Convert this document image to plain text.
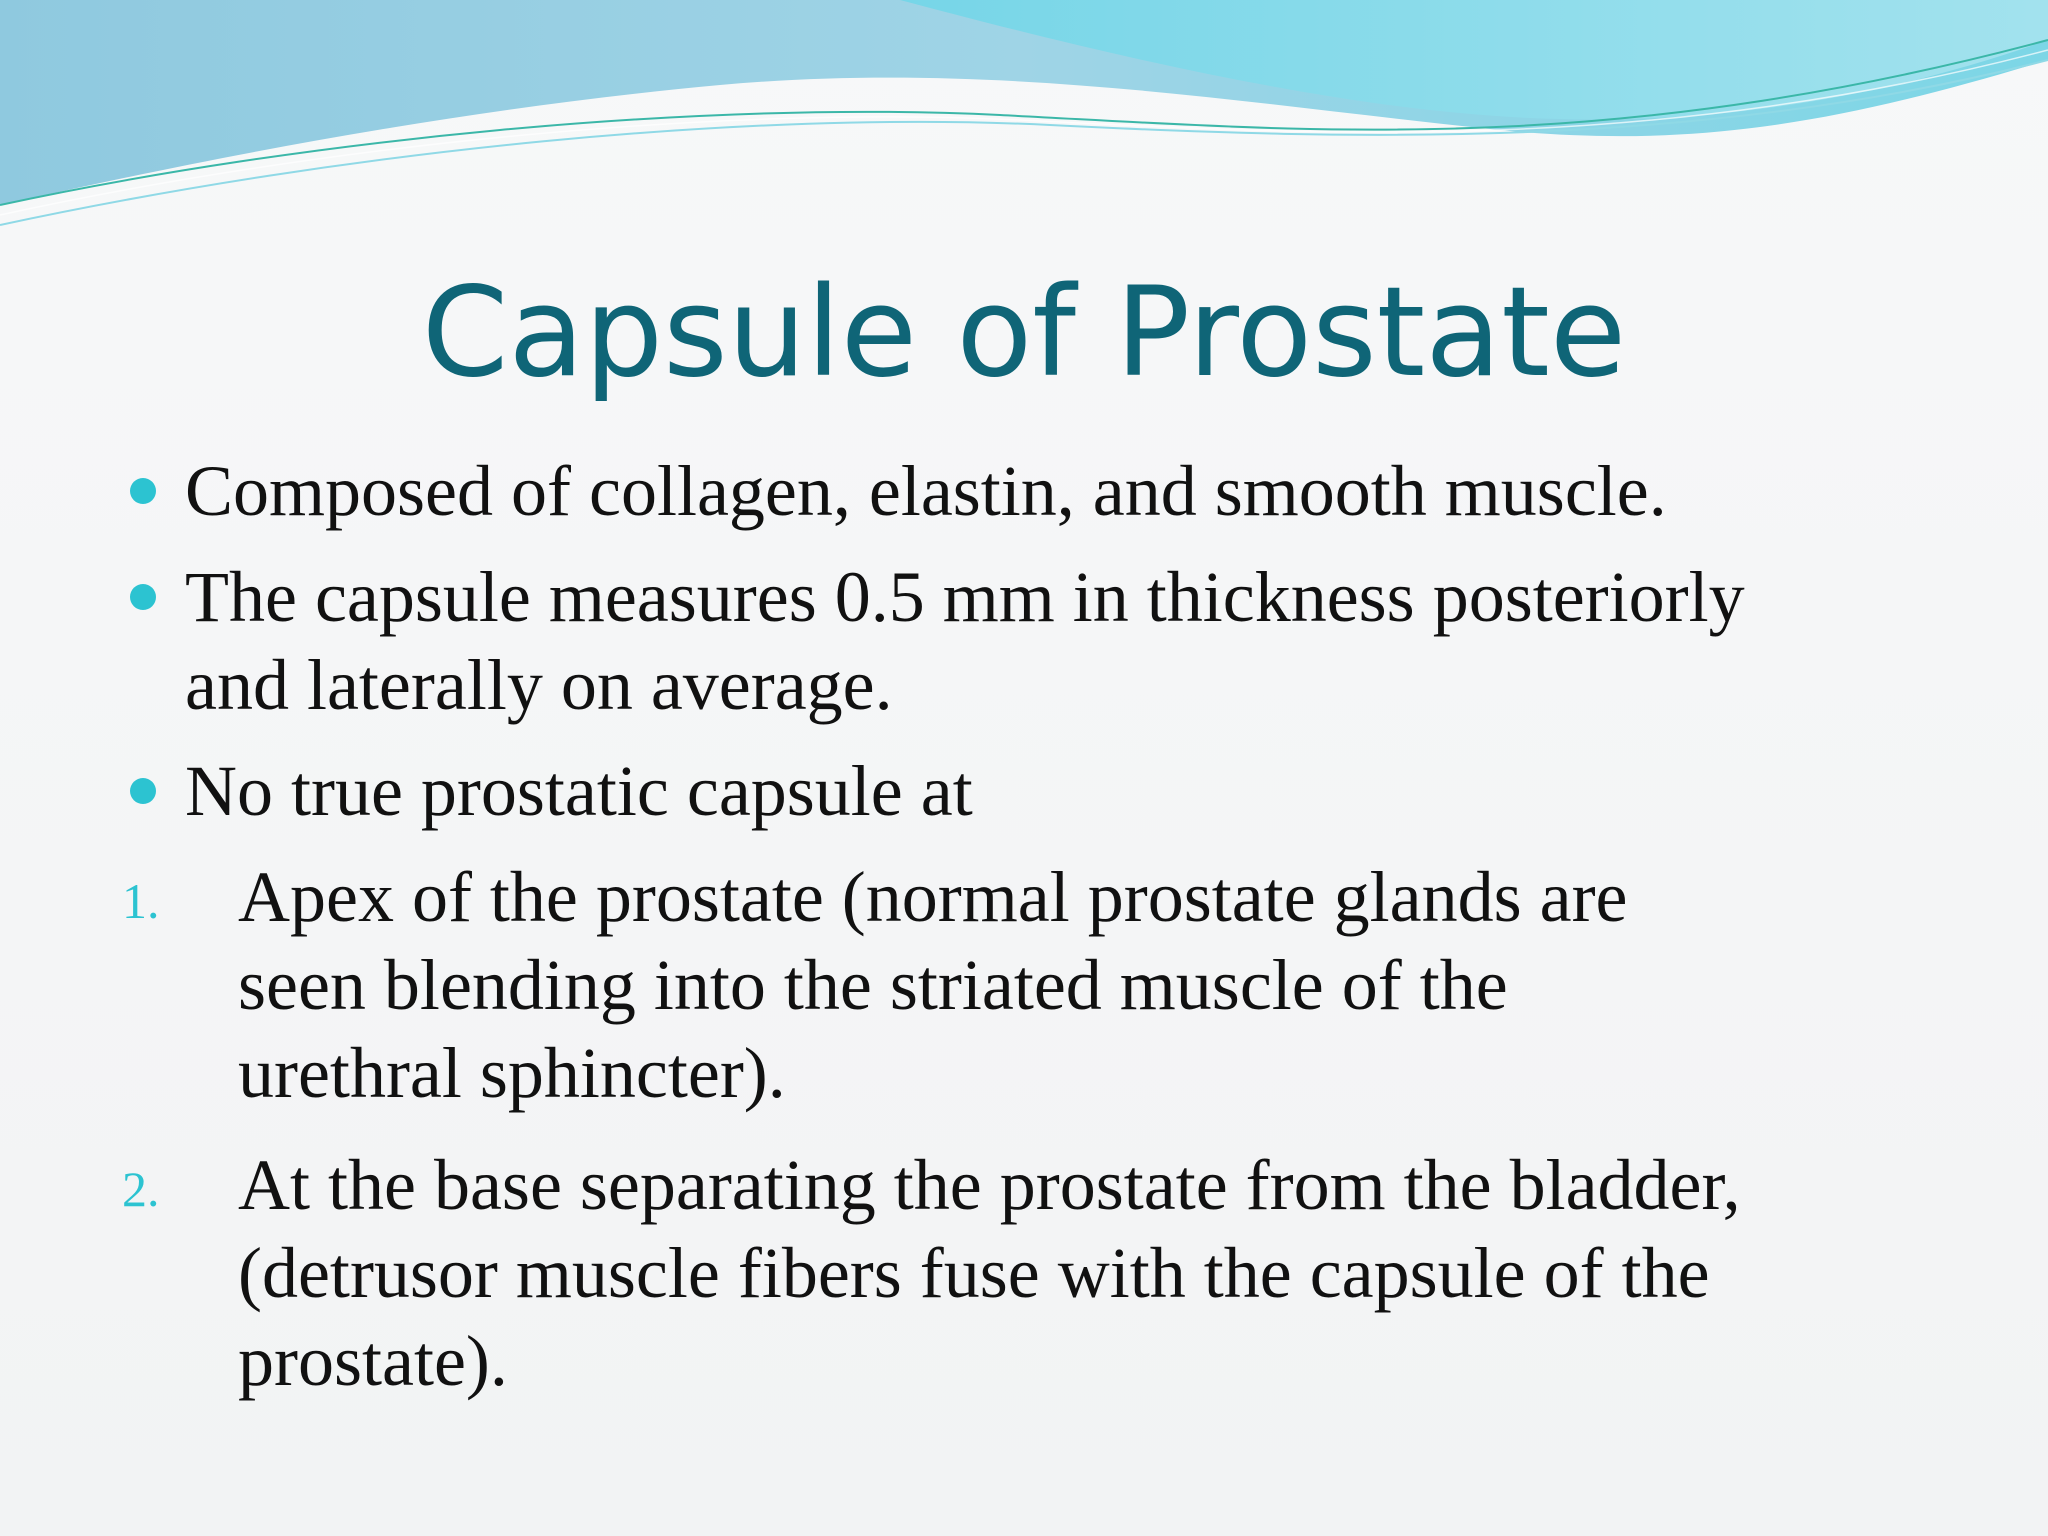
Capsule of Prostate
Composed of collagen, elastin, and smooth muscle.
The capsule measures 0.5 mm in thickness posteriorly
and laterally on average.
No true prostatic capsule at
1. Apex of the prostate (normal prostate glands are
seen blending into the striated muscle of the
urethral sphincter).
2. At the base separating the prostate from the bladder,
(detrusor muscle fibers fuse with the capsule of the
prostate).
